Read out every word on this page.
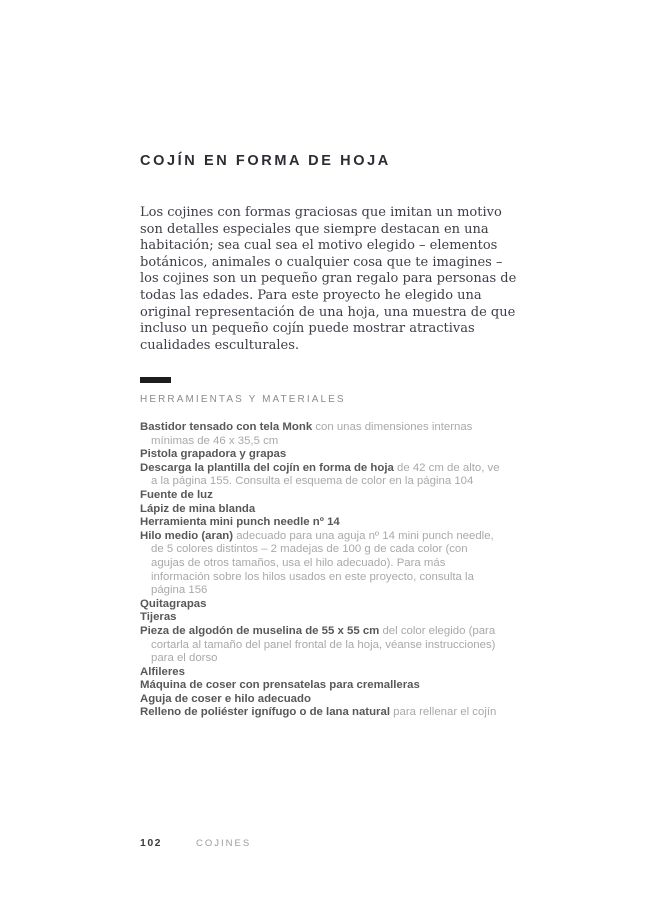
COJÍN EN FORMA DE HOJA

Los cojines con formas graciosas que imitan un motivo son detalles especiales que siempre destacan en una habitación; sea cual sea el motivo elegido – elementos botánicos, animales o cualquier cosa que te imagines – los cojines son un pequeño gran regalo para personas de todas las edades. Para este proyecto he elegido una original representación de una hoja, una muestra de que incluso un pequeño cojín puede mostrar atractivas cualidades esculturales.

HERRAMIENTAS Y MATERIALES
Bastidor tensado con tela Monk con unas dimensiones internas mínimas de 46 x 35,5 cm
Pistola grapadora y grapas
Descarga la plantilla del cojín en forma de hoja de 42 cm de alto, ve a la página 155. Consulta el esquema de color en la página 104
Fuente de luz
Lápiz de mina blanda
Herramienta mini punch needle nº 14
Hilo medio (aran) adecuado para una aguja nº 14 mini punch needle, de 5 colores distintos – 2 madejas de 100 g de cada color (con agujas de otros tamaños, usa el hilo adecuado). Para más información sobre los hilos usados en este proyecto, consulta la página 156
Quitagrapas
Tijeras
Pieza de algodón de muselina de 55 x 55 cm del color elegido (para cortarla al tamaño del panel frontal de la hoja, véanse instrucciones) para el dorso
Alfileres
Máquina de coser con prensatelas para cremalleras
Aguja de coser e hilo adecuado
Relleno de poliéster ignífugo o de lana natural para rellenar el cojín
102	COJINES
